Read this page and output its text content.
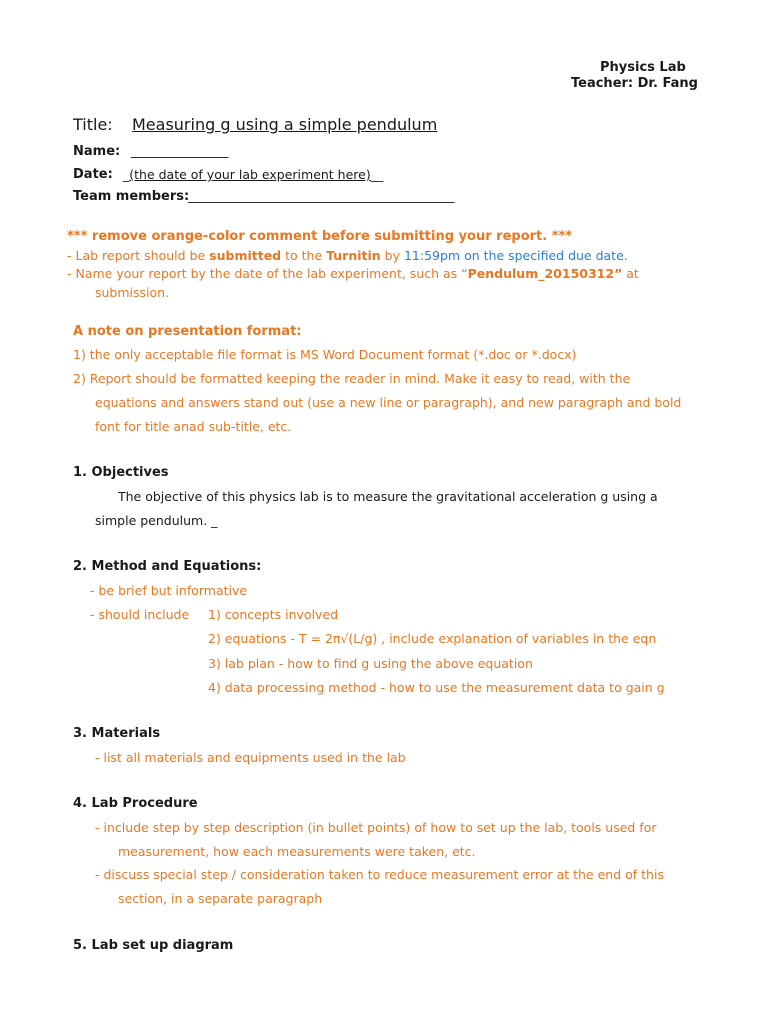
Physics Lab
Teacher: Dr. Fang
Title: Measuring g using a simple pendulum
Name: _______________
Date: _(the date of your lab experiment here)__
Team members:
_________________________________________
*** remove orange-color comment before submitting your report. ***
- Lab report should be submitted to the Turnitin by 11:59pm on the specified due date.
- Name your report by the date of the lab experiment, such as “Pendulum_20150312” at
submission.
A note on presentation format:
1) the only acceptable file format is MS Word Document format (*.doc or *.docx)
2) Report should be formatted keeping the reader in mind. Make it easy to read, with the
equations and answers stand out (use a new line or paragraph), and new paragraph and bold
font for title anad sub-title, etc.
1. Objectives
The objective of this physics lab is to measure the gravitational acceleration g using a
simple pendulum. _
2. Method and Equations:
- be brief but informative
- should include 1) concepts involved
2) equations - T = 2π√(L/g) , include explanation of variables in the eqn
3) lab plan - how to find g using the above equation
4) data processing method - how to use the measurement data to gain g
3. Materials
- list all materials and equipments used in the lab
4. Lab Procedure
- include step by step description (in bullet points) of how to set up the lab, tools used for
measurement, how each measurements were taken, etc.
- discuss special step / consideration taken to reduce measurement error at the end of this
section, in a separate paragraph
5. Lab set up diagram
